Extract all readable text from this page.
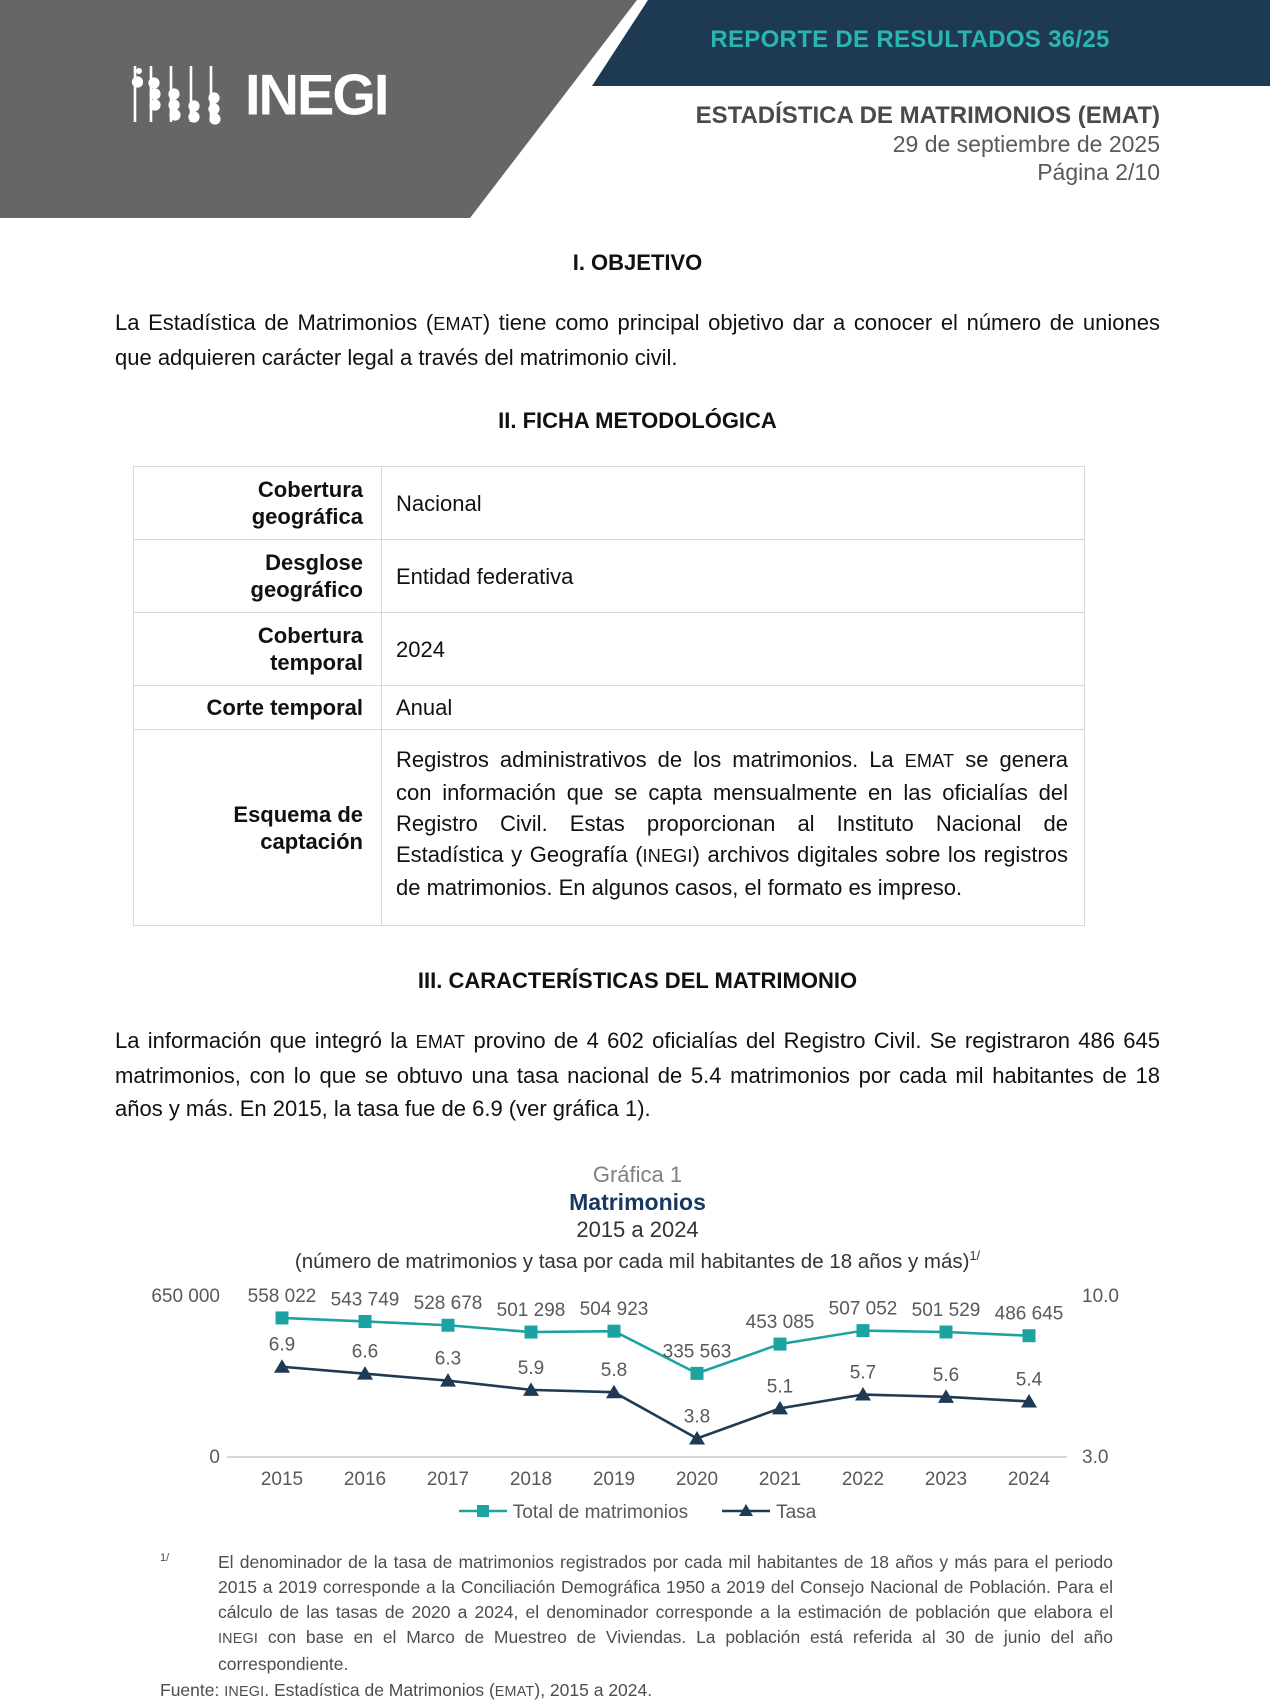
REPORTE DE RESULTADOS 36/25
INEGI	ESTADÍSTICA DE MATRIMONIOS (EMAT)
29 de septiembre de 2025
Página 2/10
I. OBJETIVO

La Estadística de Matrimonios (EMAT) tiene como principal objetivo dar a conocer el número de uniones que adquieren carácter legal a través del matrimonio civil.

II. FICHA METODOLÓGICA
Cobertura geográfica	Nacional

Desglose geográfico	Entidad federativa

Cobertura temporal	2024

Corte temporal	Anual

Esquema de captación	Registros administrativos de los matrimonios. La EMAT se genera con información que se capta mensualmente en las oficialías del Registro Civil. Estas proporcionan al Instituto Nacional de Estadística y Geografía (INEGI) archivos digitales sobre los registros de matrimonios. En algunos casos, el formato es impreso.
III. CARACTERÍSTICAS DEL MATRIMONIO

La información que integró la EMAT provino de 4 602 oficialías del Registro Civil. Se registraron 486 645 matrimonios, con lo que se obtuvo una tasa nacional de 5.4 matrimonios por cada mil habitantes de 18 años y más. En 2015, la tasa fue de 6.9 (ver gráfica 1).

Gráfica 1
Matrimonios
2015 a 2024
(número de matrimonios y tasa por cada mil habitantes de 18 años y más)$^{1/}$
650 000
0
10.0
3.0
2015 2016 2017 2018 2019 2020 2021 2022 2023 2024
558 022 543 749 528 678 501 298 504 923
335 563
453 085
507 052 501 529 486 645
6.9	6.6	6.3	5.9	5.8
3.8
5.1
5.7	5.6	5.4
Total de matrimonios	Tasa
1/	El denominador de la tasa de matrimonios registrados por cada mil habitantes de 18 años y más para el periodo 2015 a 2019 corresponde a la Conciliación Demográfica 1950 a 2019 del Consejo Nacional de Población. Para el cálculo de las tasas de 2020 a 2024, el denominador corresponde a la estimación de población que elabora el INEGI con base en el Marco de Muestreo de Viviendas. La población está referida al 30 de junio del año correspondiente.
Fuente: INEGI. Estadística de Matrimonios (EMAT), 2015 a 2024.
